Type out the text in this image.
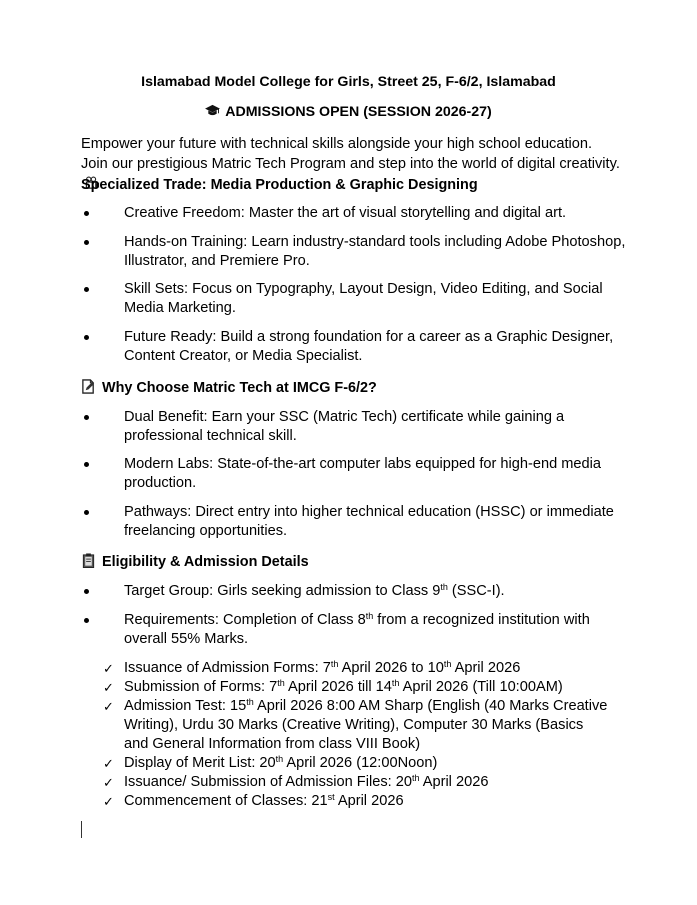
Islamabad Model College for Girls, Street 25, F-6/2, Islamabad
ADMISSIONS OPEN (SESSION 2026-27)
Empower your future with technical skills alongside your high school education. Join our prestigious Matric Tech Program and step into the world of digital creativity.
Specialized Trade: Media Production & Graphic Designing
Creative Freedom: Master the art of visual storytelling and digital art.
Hands-on Training: Learn industry-standard tools including Adobe Photoshop, Illustrator, and Premiere Pro.
Skill Sets: Focus on Typography, Layout Design, Video Editing, and Social Media Marketing.
Future Ready: Build a strong foundation for a career as a Graphic Designer, Content Creator, or Media Specialist.
Why Choose Matric Tech at IMCG F-6/2?
Dual Benefit: Earn your SSC (Matric Tech) certificate while gaining a professional technical skill.
Modern Labs: State-of-the-art computer labs equipped for high-end media production.
Pathways: Direct entry into higher technical education (HSSC) or immediate freelancing opportunities.
Eligibility & Admission Details
Target Group: Girls seeking admission to Class 9th (SSC-I).
Requirements: Completion of Class 8th from a recognized institution with overall 55% Marks.
✓ Issuance of Admission Forms: 7th April 2026 to 10th April 2026
✓ Submission of Forms: 7th April 2026 till 14th April 2026 (Till 10:00AM)
✓ Admission Test: 15th April 2026 8:00 AM Sharp (English (40 Marks Creative Writing), Urdu 30 Marks (Creative Writing), Computer 30 Marks (Basics and General Information from class VIII Book)
✓ Display of Merit List: 20th April 2026 (12:00Noon)
✓ Issuance/ Submission of Admission Files: 20th April 2026
✓ Commencement of Classes: 21st April 2026
